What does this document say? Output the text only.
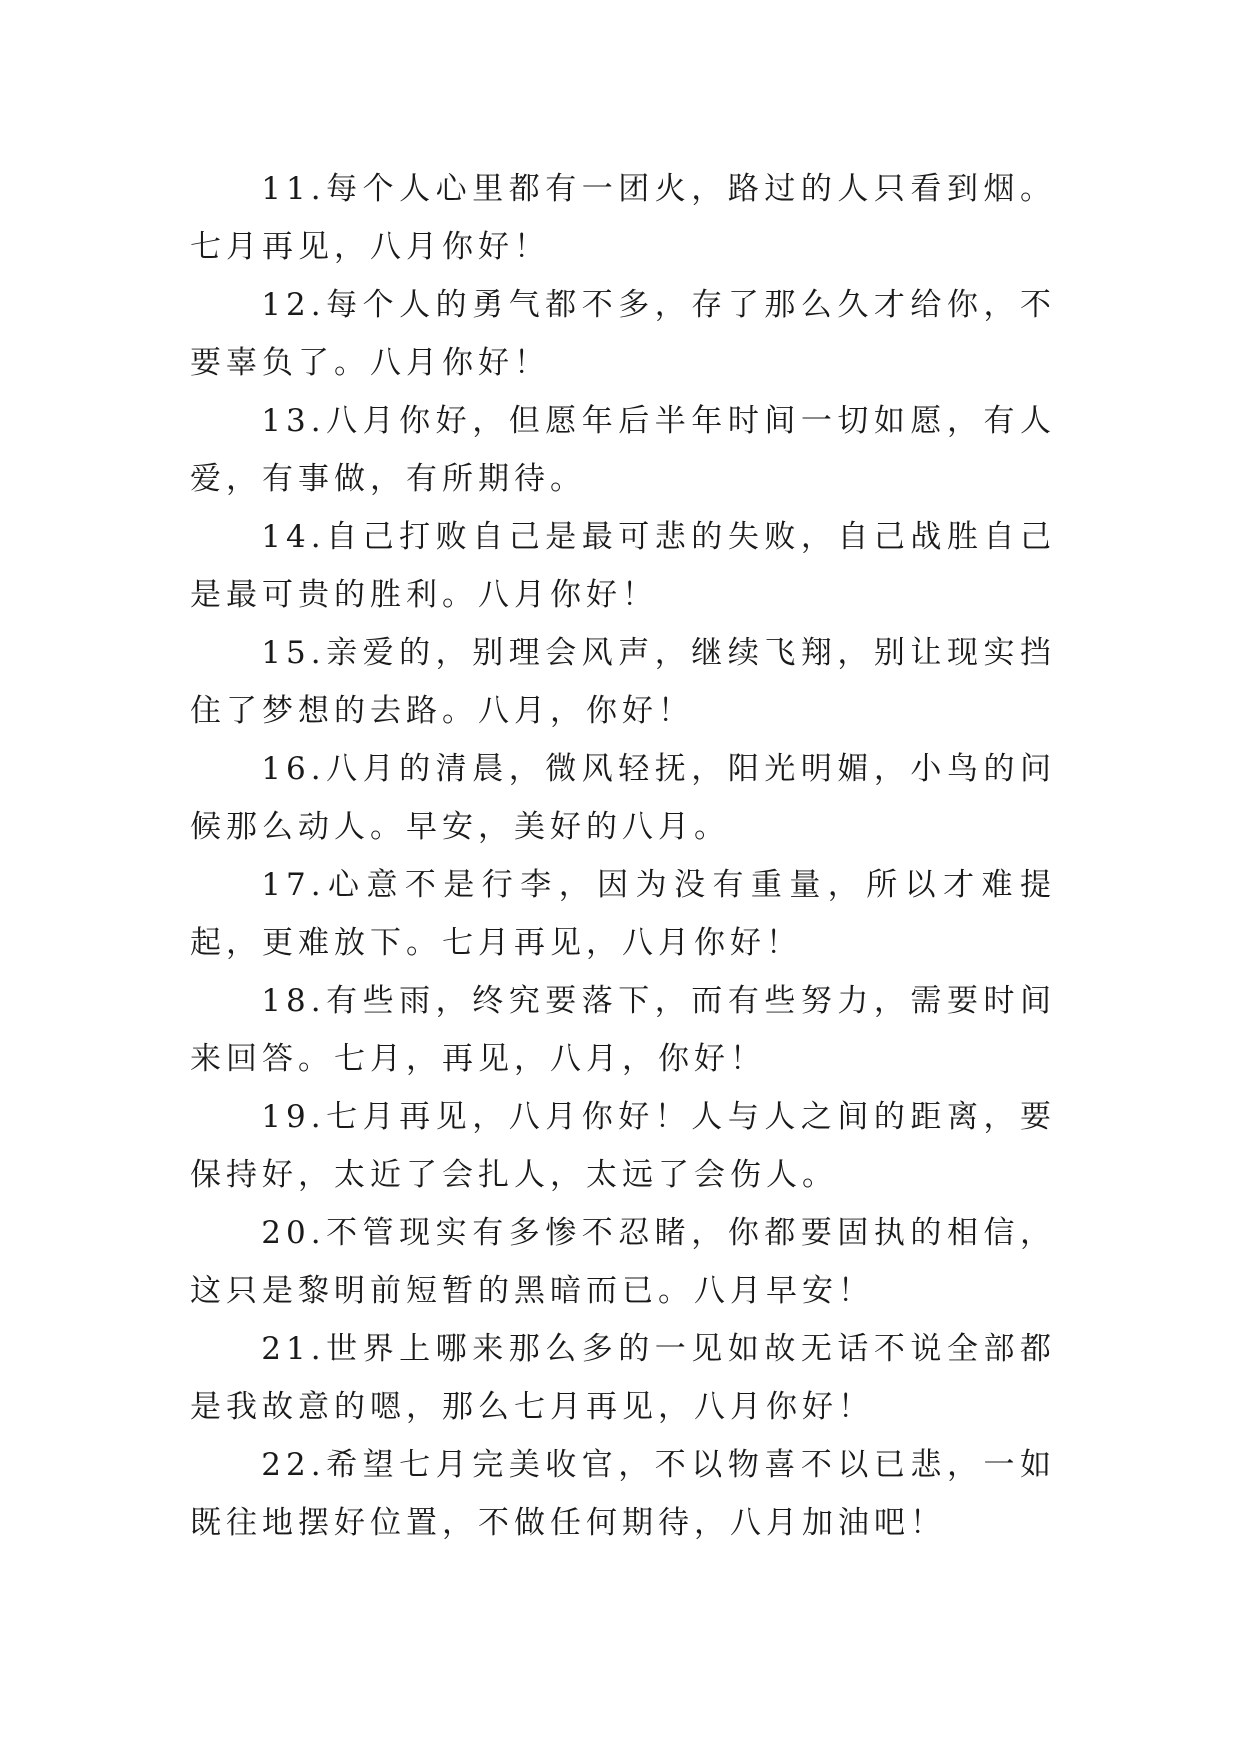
11.每个人心里都有一团火，路过的人只看到烟。七月再见，八月你好！

12.每个人的勇气都不多，存了那么久才给你，不要辜负了。八月你好！

13.八月你好，但愿年后半年时间一切如愿，有人爱，有事做，有所期待。

14.自己打败自己是最可悲的失败，自己战胜自己是最可贵的胜利。八月你好！

15.亲爱的，别理会风声，继续飞翔，别让现实挡住了梦想的去路。八月，你好！

16.八月的清晨，微风轻抚，阳光明媚，小鸟的问候那么动人。早安，美好的八月。

17.心意不是行李，因为没有重量，所以才难提起，更难放下。七月再见，八月你好！

18.有些雨，终究要落下，而有些努力，需要时间来回答。七月，再见，八月，你好！

19.七月再见，八月你好！人与人之间的距离，要保持好，太近了会扎人，太远了会伤人。

20.不管现实有多惨不忍睹，你都要固执的相信，这只是黎明前短暂的黑暗而已。八月早安！

21.世界上哪来那么多的一见如故无话不说全部都是我故意的嗯，那么七月再见，八月你好！

22.希望七月完美收官，不以物喜不以已悲，一如既往地摆好位置，不做任何期待，八月加油吧！
